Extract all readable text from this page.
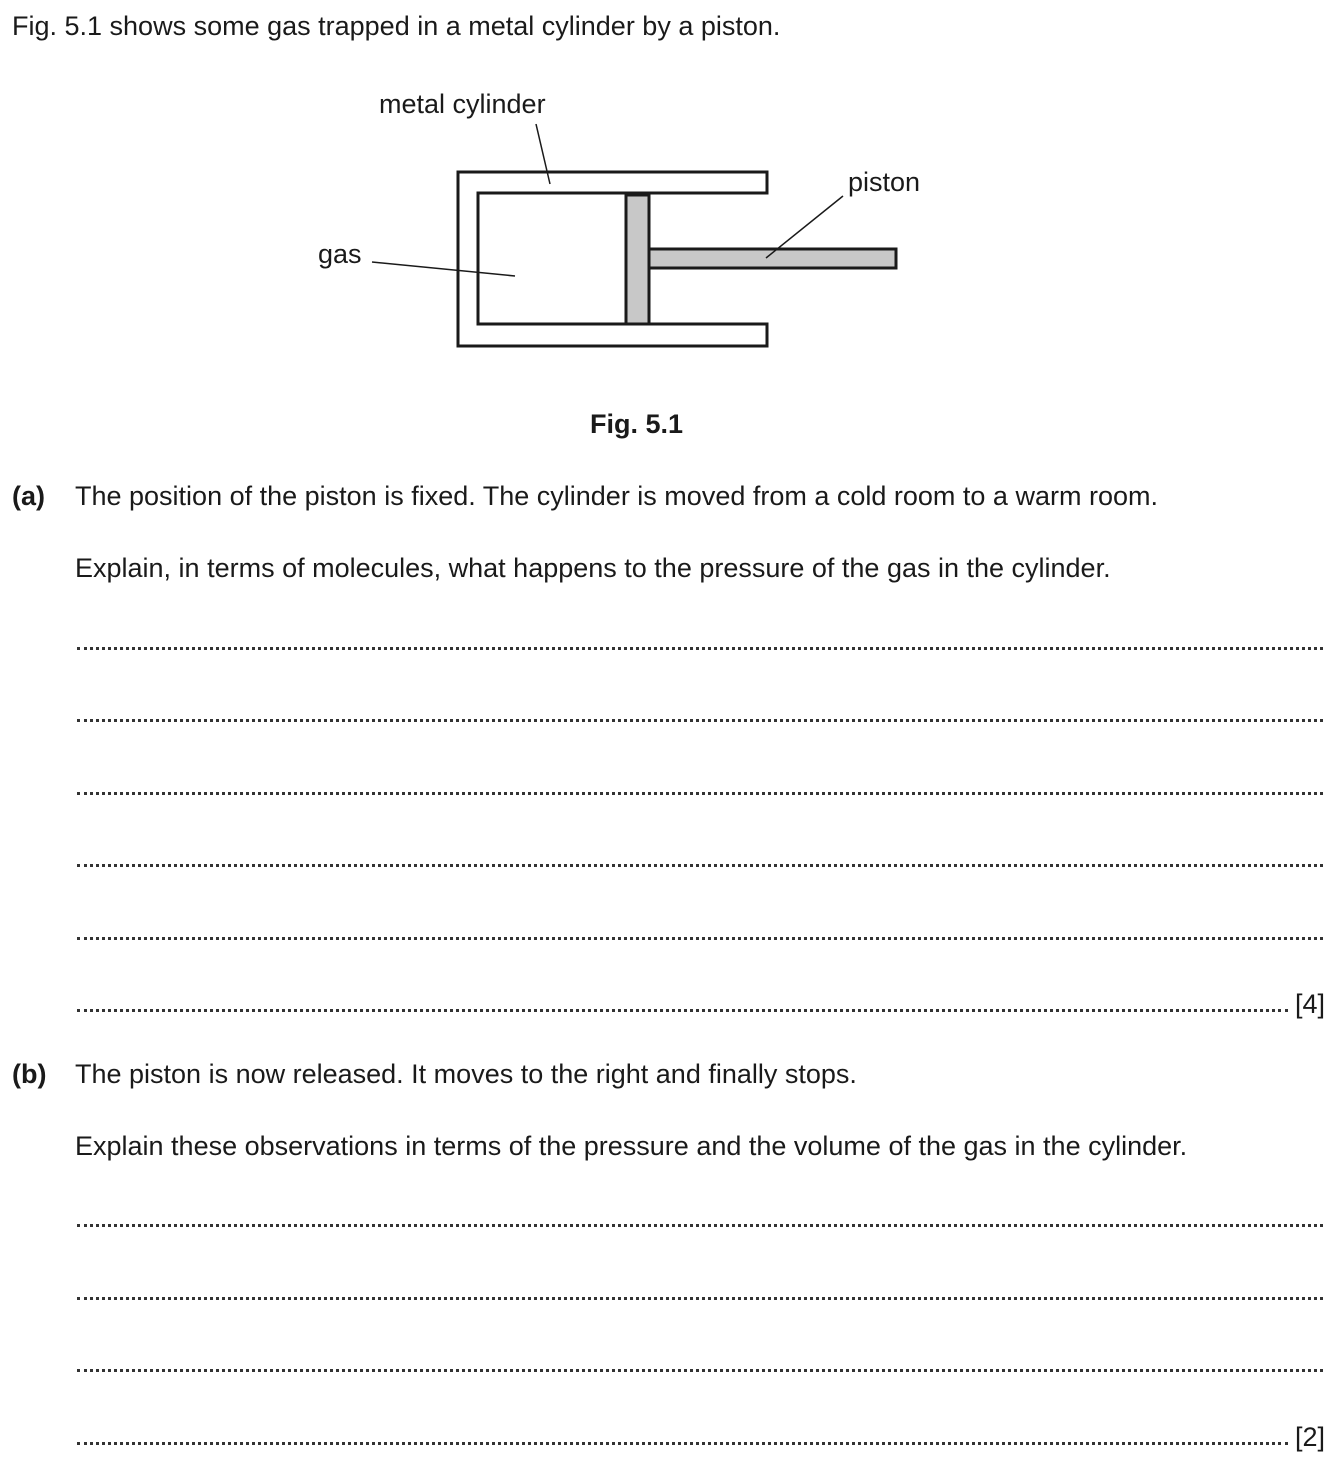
Fig. 5.1 shows some gas trapped in a metal cylinder by a piston.
metal cylinder
piston
gas
Fig. 5.1
(a) The position of the piston is fixed. The cylinder is moved from a cold room to a warm room.
Explain, in terms of molecules, what happens to the pressure of the gas in the cylinder.
[4]
(b) The piston is now released. It moves to the right and finally stops.
Explain these observations in terms of the pressure and the volume of the gas in the cylinder.
[2]
